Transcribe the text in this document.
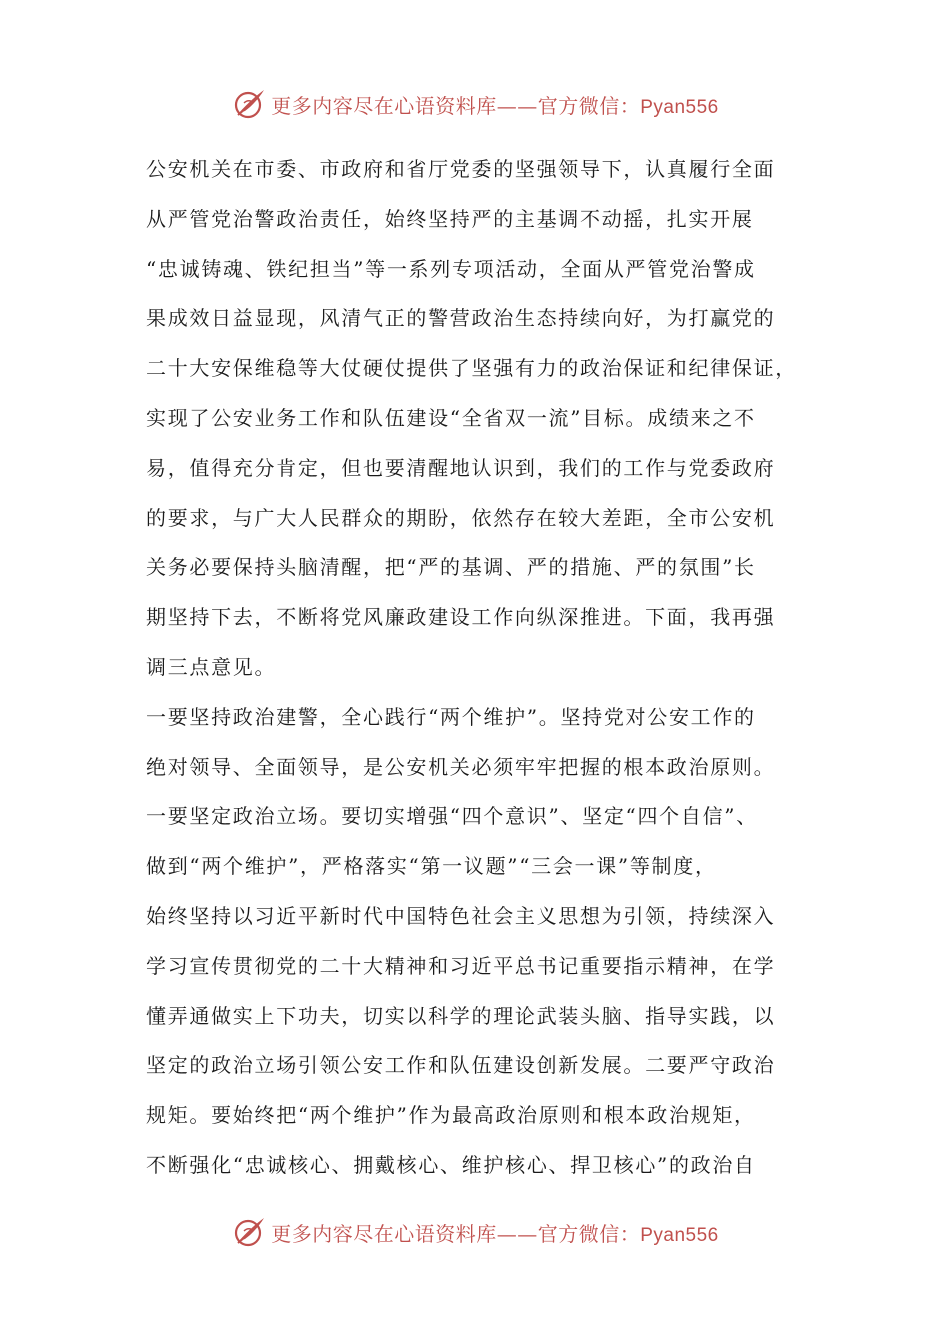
更多内容尽在心语资料库——官方微信：Pyan556
公安机关在市委、市政府和省厅党委的坚强领导下，认真履行全面
从严管党治警政治责任，始终坚持严的主基调不动摇，扎实开展
“忠诚铸魂、铁纪担当”等一系列专项活动，全面从严管党治警成
果成效日益显现，风清气正的警营政治生态持续向好，为打赢党的
二十大安保维稳等大仗硬仗提供了坚强有力的政治保证和纪律保证，
实现了公安业务工作和队伍建设“全省双一流”目标。成绩来之不
易，值得充分肯定，但也要清醒地认识到，我们的工作与党委政府
的要求，与广大人民群众的期盼，依然存在较大差距，全市公安机
关务必要保持头脑清醒，把“严的基调、严的措施、严的氛围”长
期坚持下去，不断将党风廉政建设工作向纵深推进。下面，我再强
调三点意见。
一要坚持政治建警，全心践行“两个维护”。坚持党对公安工作的
绝对领导、全面领导，是公安机关必须牢牢把握的根本政治原则。
一要坚定政治立场。要切实增强“四个意识”、坚定“四个自信”、
做到“两个维护”，严格落实“第一议题”“三会一课”等制度，
始终坚持以习近平新时代中国特色社会主义思想为引领，持续深入
学习宣传贯彻党的二十大精神和习近平总书记重要指示精神，在学
懂弄通做实上下功夫，切实以科学的理论武装头脑、指导实践，以
坚定的政治立场引领公安工作和队伍建设创新发展。二要严守政治
规矩。要始终把“两个维护”作为最高政治原则和根本政治规矩，
不断强化“忠诚核心、拥戴核心、维护核心、捍卫核心”的政治自
更多内容尽在心语资料库——官方微信：Pyan556
